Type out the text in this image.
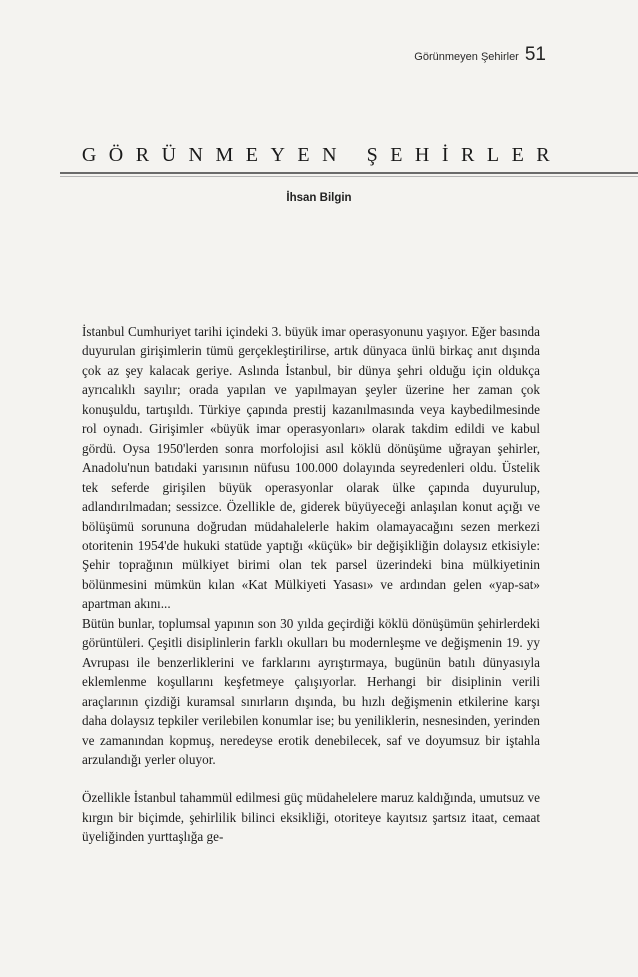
Görünmeyen Şehirler 51
GÖRÜNMEYEN ŞEHİRLER
İhsan Bilgin

İstanbul Cumhuriyet tarihi içindeki 3. büyük imar operasyonunu yaşıyor. Eğer basında duyurulan girişimlerin tümü gerçekleştirilirse, artık dünyaca ünlü birkaç anıt dışında çok az şey kalacak geriye. Aslında İstanbul, bir dünya şehri olduğu için oldukça ayrıcalıklı sayılır; orada yapılan ve yapılmayan şeyler üzerine her zaman çok konuşuldu, tartışıldı. Türkiye çapında prestij kazanılmasında veya kaybedilmesinde rol oynadı. Girişimler «büyük imar operasyonları» olarak takdim edildi ve kabul gördü. Oysa 1950'lerden sonra morfolojisi asıl köklü dönüşüme uğrayan şehirler, Anadolu'nun batıdaki yarısının nüfusu 100.000 dolayında seyredenleri oldu. Üstelik tek seferde girişilen büyük operasyonlar olarak ülke çapında duyurulup, adlandırılmadan; sessizce. Özellikle de, giderek büyüyeceği anlaşılan konut açığı ve bölüşümü sorununa doğrudan müdahalelerle hakim olamayacağını sezen merkezi otoritenin 1954'de hukuki statüde yaptığı «küçük» bir değişikliğin dolaysız etkisiyle: Şehir toprağının mülkiyet birimi olan tek parsel üzerindeki bina mülkiyetinin bölünmesini mümkün kılan «Kat Mülkiyeti Yasası» ve ardından gelen «yap-sat» apartman akını...

Bütün bunlar, toplumsal yapının son 30 yılda geçirdiği köklü dönüşümün şehirlerdeki görüntüleri. Çeşitli disiplinlerin farklı okulları bu modernleşme ve değişmenin 19. yy Avrupası ile benzerliklerini ve farklarını ayrıştırmaya, bugünün batılı dünyasıyla eklemlenme koşullarını keşfetmeye çalışıyorlar. Herhangi bir disiplinin verili araçlarının çizdiği kuramsal sınırların dışında, bu hızlı değişmenin etkilerine karşı daha dolaysız tepkiler verilebilen konumlar ise; bu yeniliklerin, nesnesinden, yerinden ve zamanından kopmuş, neredeyse erotik denebilecek, saf ve doyumsuz bir iştahla arzulandığı yerler oluyor.

Özellikle İstanbul tahammül edilmesi güç müdahelelere maruz kaldığında, umutsuz ve kırgın bir biçimde, şehirlilik bilinci eksikliği, otoriteye kayıtsız şartsız itaat, cemaat üyeliğinden yurttaşlığa ge-
